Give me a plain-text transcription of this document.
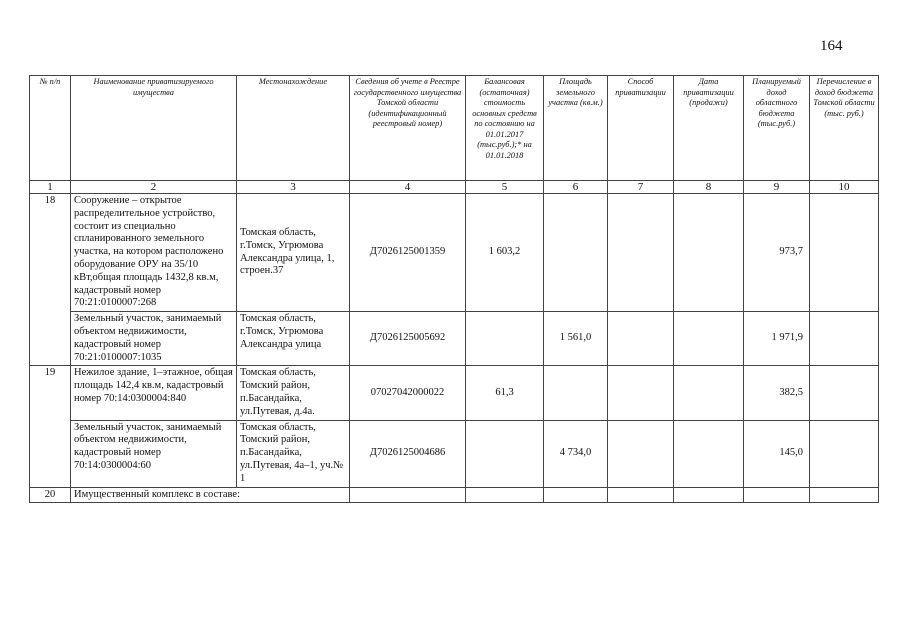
164
№ п/п	Наименование приватизируемого имущества	Местонахождение	Сведения об учете в Реестре государственного имущества Томской области (идентификационный реестровый номер)	Балансовая (остаточная) стоимость основных средств по состоянию на 01.01.2017 (тыс.руб.);* на 01.01.2018	Площадь земельного участка (кв.м.)	Способ приватизации	Дата приватизации (продажи)	Планируемый доход областного бюджета (тыс.руб.)	Перечисление в доход бюджета Томской области (тыс. руб.)
1	2	3	4	5	6	7	8	9	10
18	Сооружение – открытое распределительное устройство, состоит из специально спланированного земельного участка, на котором расположено оборудование ОРУ на 35/10 кВт,общая площадь 1432,8 кв.м, кадастровый номер 70:21:0100007:268	Томская область, г.Томск, Угрюмова Александра улица, 1, строен.37	Д7026125001359	1 603,2				973,7	
	Земельный участок, занимаемый объектом недвижимости, кадастровый номер 70:21:0100007:1035	Томская область, г.Томск, Угрюмова Александра улица	Д7026125005692		1 561,0			1 971,9	
19	Нежилое здание, 1–этажное, общая площадь 142,4 кв.м, кадастровый номер 70:14:0300004:840	Томская область, Томский район, п.Басандайка, ул.Путевая, д.4а.	07027042000022	61,3				382,5	
	Земельный участок, занимаемый объектом недвижимости, кадастровый номер 70:14:0300004:60	Томская область, Томский район, п.Басандайка, ул.Путевая, 4а–1, уч.№ 1	Д7026125004686		4 734,0			145,0	
20	Имущественный комплекс в составе:								
